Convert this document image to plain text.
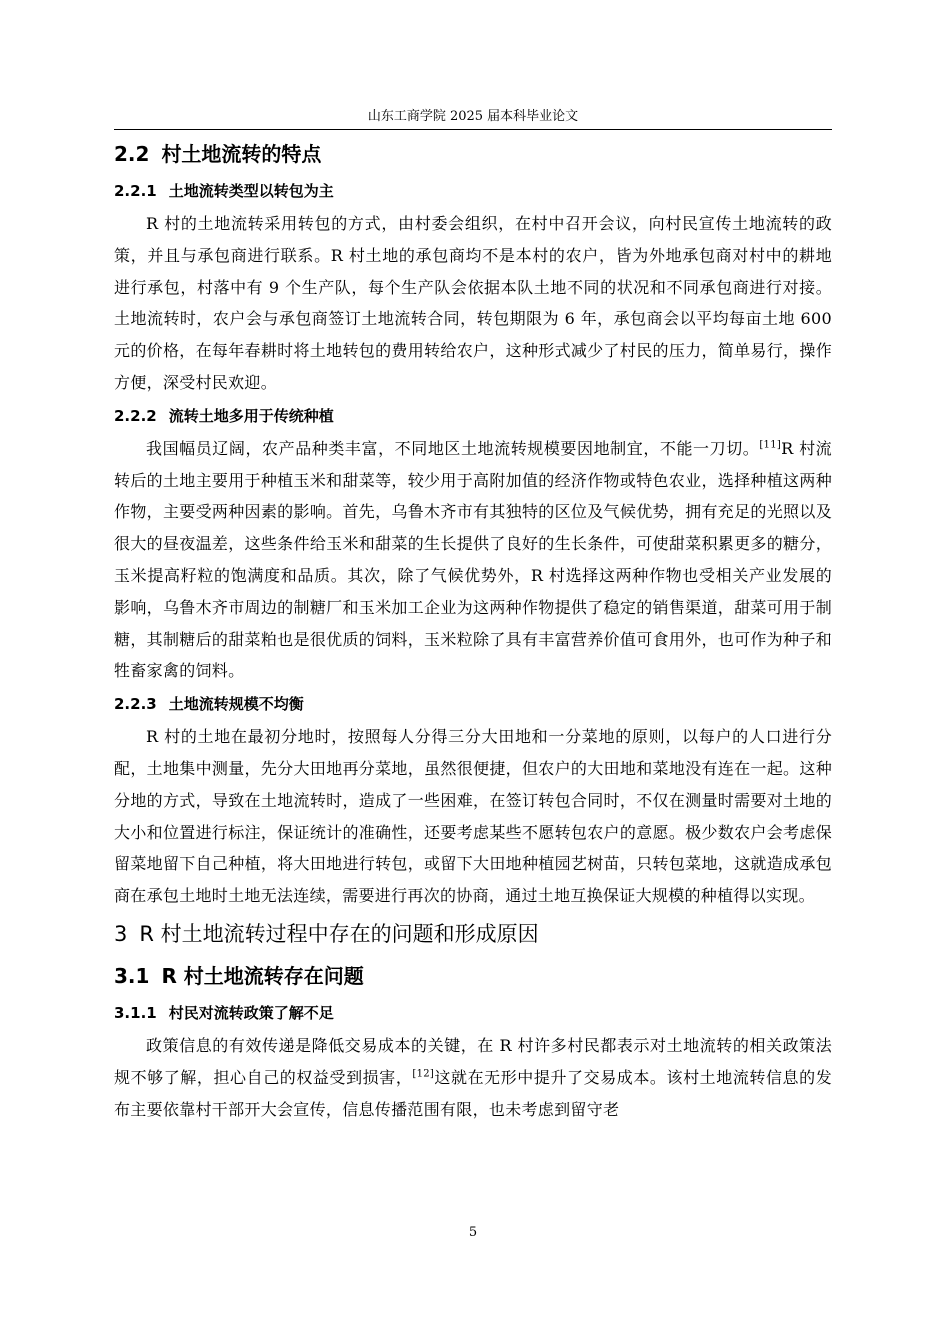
山东工商学院 2025 届本科毕业论文
2.2 村土地流转的特点
2.2.1 土地流转类型以转包为主

R 村的土地流转采用转包的方式，由村委会组织，在村中召开会议，向村民宣传土地流转的政策，并且与承包商进行联系。R 村土地的承包商均不是本村的农户，皆为外地承包商对村中的耕地进行承包，村落中有 9 个生产队，每个生产队会依据本队土地不同的状况和不同承包商进行对接。土地流转时，农户会与承包商签订土地流转合同，转包期限为 6 年，承包商会以平均每亩土地 600 元的价格，在每年春耕时将土地转包的费用转给农户，这种形式减少了村民的压力，简单易行，操作方便，深受村民欢迎。

2.2.2 流转土地多用于传统种植

我国幅员辽阔，农产品种类丰富，不同地区土地流转规模要因地制宜，不能一刀切。[11]R 村流转后的土地主要用于种植玉米和甜菜等，较少用于高附加值的经济作物或特色农业，选择种植这两种作物，主要受两种因素的影响。首先，乌鲁木齐市有其独特的区位及气候优势，拥有充足的光照以及很大的昼夜温差，这些条件给玉米和甜菜的生长提供了良好的生长条件，可使甜菜积累更多的糖分，玉米提高籽粒的饱满度和品质。其次，除了气候优势外，R 村选择这两种作物也受相关产业发展的影响，乌鲁木齐市周边的制糖厂和玉米加工企业为这两种作物提供了稳定的销售渠道，甜菜可用于制糖，其制糖后的甜菜粕也是很优质的饲料，玉米粒除了具有丰富营养价值可食用外，也可作为种子和牲畜家禽的饲料。

2.2.3 土地流转规模不均衡

R 村的土地在最初分地时，按照每人分得三分大田地和一分菜地的原则，以每户的人口进行分配，土地集中测量，先分大田地再分菜地，虽然很便捷，但农户的大田地和菜地没有连在一起。这种分地的方式，导致在土地流转时，造成了一些困难，在签订转包合同时，不仅在测量时需要对土地的大小和位置进行标注，保证统计的准确性，还要考虑某些不愿转包农户的意愿。极少数农户会考虑保留菜地留下自己种植，将大田地进行转包，或留下大田地种植园艺树苗，只转包菜地，这就造成承包商在承包土地时土地无法连续，需要进行再次的协商，通过土地互换保证大规模的种植得以实现。

3 R 村土地流转过程中存在的问题和形成原因
3.1 R 村土地流转存在问题
3.1.1 村民对流转政策了解不足

政策信息的有效传递是降低交易成本的关键，在 R 村许多村民都表示对土地流转的相关政策法规不够了解，担心自己的权益受到损害，[12]这就在无形中提升了交易成本。该村土地流转信息的发布主要依靠村干部开大会宣传，信息传播范围有限，也未考虑到留守老

5
